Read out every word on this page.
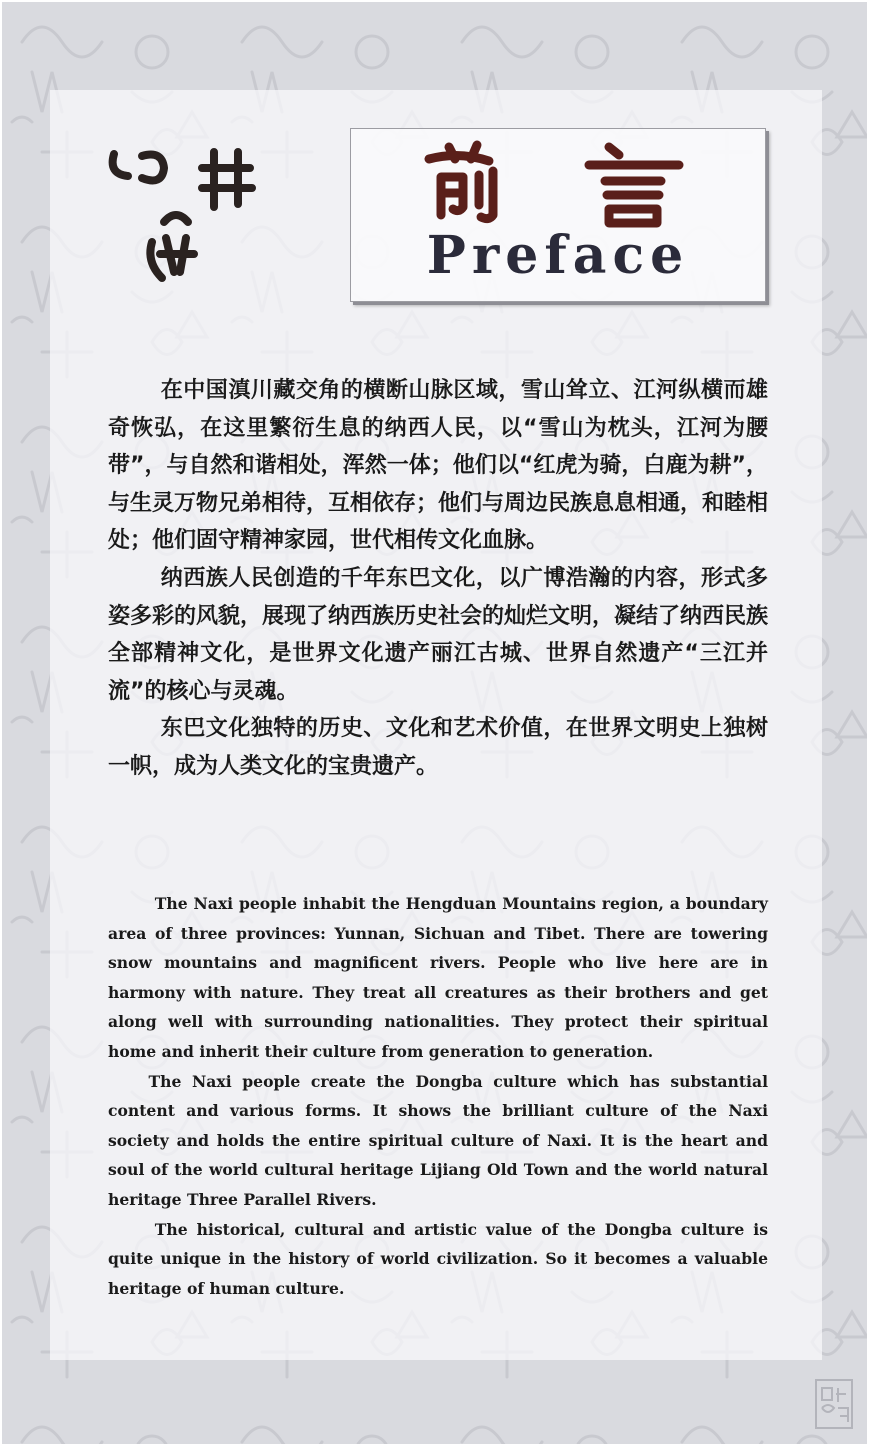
Preface

在中国滇川藏交角的横断山脉区域，雪山耸立、江河纵横而雄奇恢弘，在这里繁衍生息的纳西人民，以“雪山为枕头，江河为腰带”，与自然和谐相处，浑然一体；他们以“红虎为骑，白鹿为耕”，与生灵万物兄弟相待，互相依存；他们与周边民族息息相通，和睦相处；他们固守精神家园，世代相传文化血脉。

纳西族人民创造的千年东巴文化，以广博浩瀚的内容，形式多姿多彩的风貌，展现了纳西族历史社会的灿烂文明，凝结了纳西民族全部精神文化，是世界文化遗产丽江古城、世界自然遗产“三江并流”的核心与灵魂。

东巴文化独特的历史、文化和艺术价值，在世界文明史上独树一帜，成为人类文化的宝贵遗产。

The Naxi people inhabit the Hengduan Mountains region, a boundary area of three provinces: Yunnan, Sichuan and Tibet. There are towering snow mountains and magnificent rivers. People who live here are in harmony with nature. They treat all creatures as their brothers and get along well with surrounding nationalities. They protect their spiritual home and inherit their culture from generation to generation.

The Naxi people create the Dongba culture which has substantial content and various forms. It shows the brilliant culture of the Naxi society and holds the entire spiritual culture of Naxi. It is the heart and soul of the world cultural heritage Lijiang Old Town and the world natural heritage Three Parallel Rivers.

The historical, cultural and artistic value of the Dongba culture is quite unique in the history of world civilization. So it becomes a valuable heritage of human culture.
